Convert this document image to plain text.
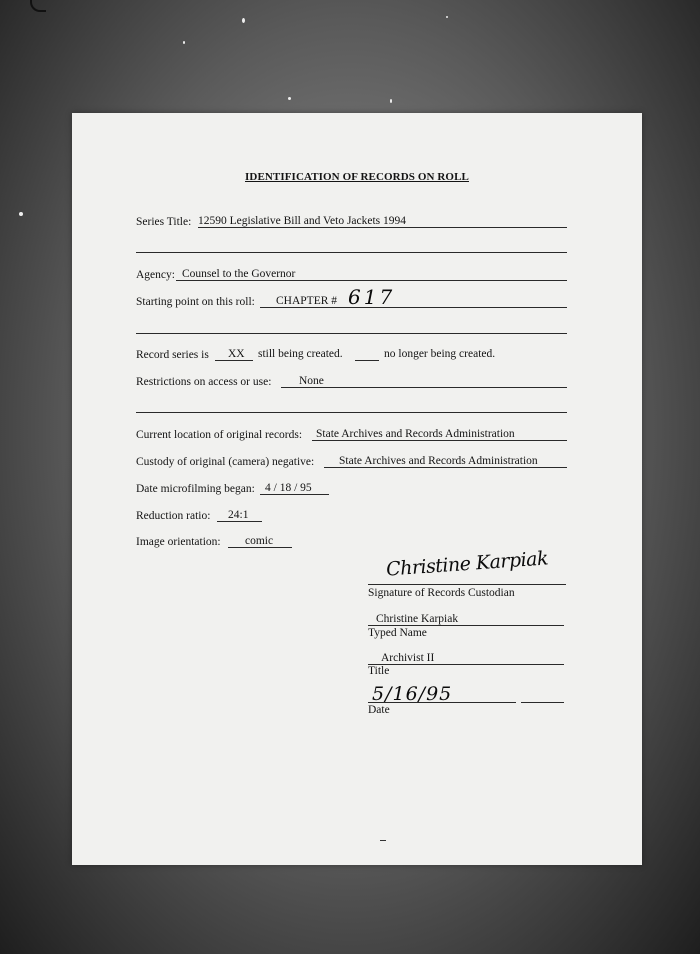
IDENTIFICATION OF RECORDS ON ROLL
Series Title: 12590 Legislative Bill and Veto Jackets 1994
Agency: Counsel to the Governor
Starting point on this roll: CHAPTER # 617
Record series is XX still being created.	no longer being created.
Restrictions on access or use: None
Current location of original records: State Archives and Records Administration
Custody of original (camera) negative: State Archives and Records Administration
Date microfilming began: 4 / 18 / 95
Reduction ratio: 24:1
Image orientation: comic
Christine Karpiak
Signature of Records Custodian
Christine Karpiak
Typed Name
Archivist II
Title
5/16/95
Date
